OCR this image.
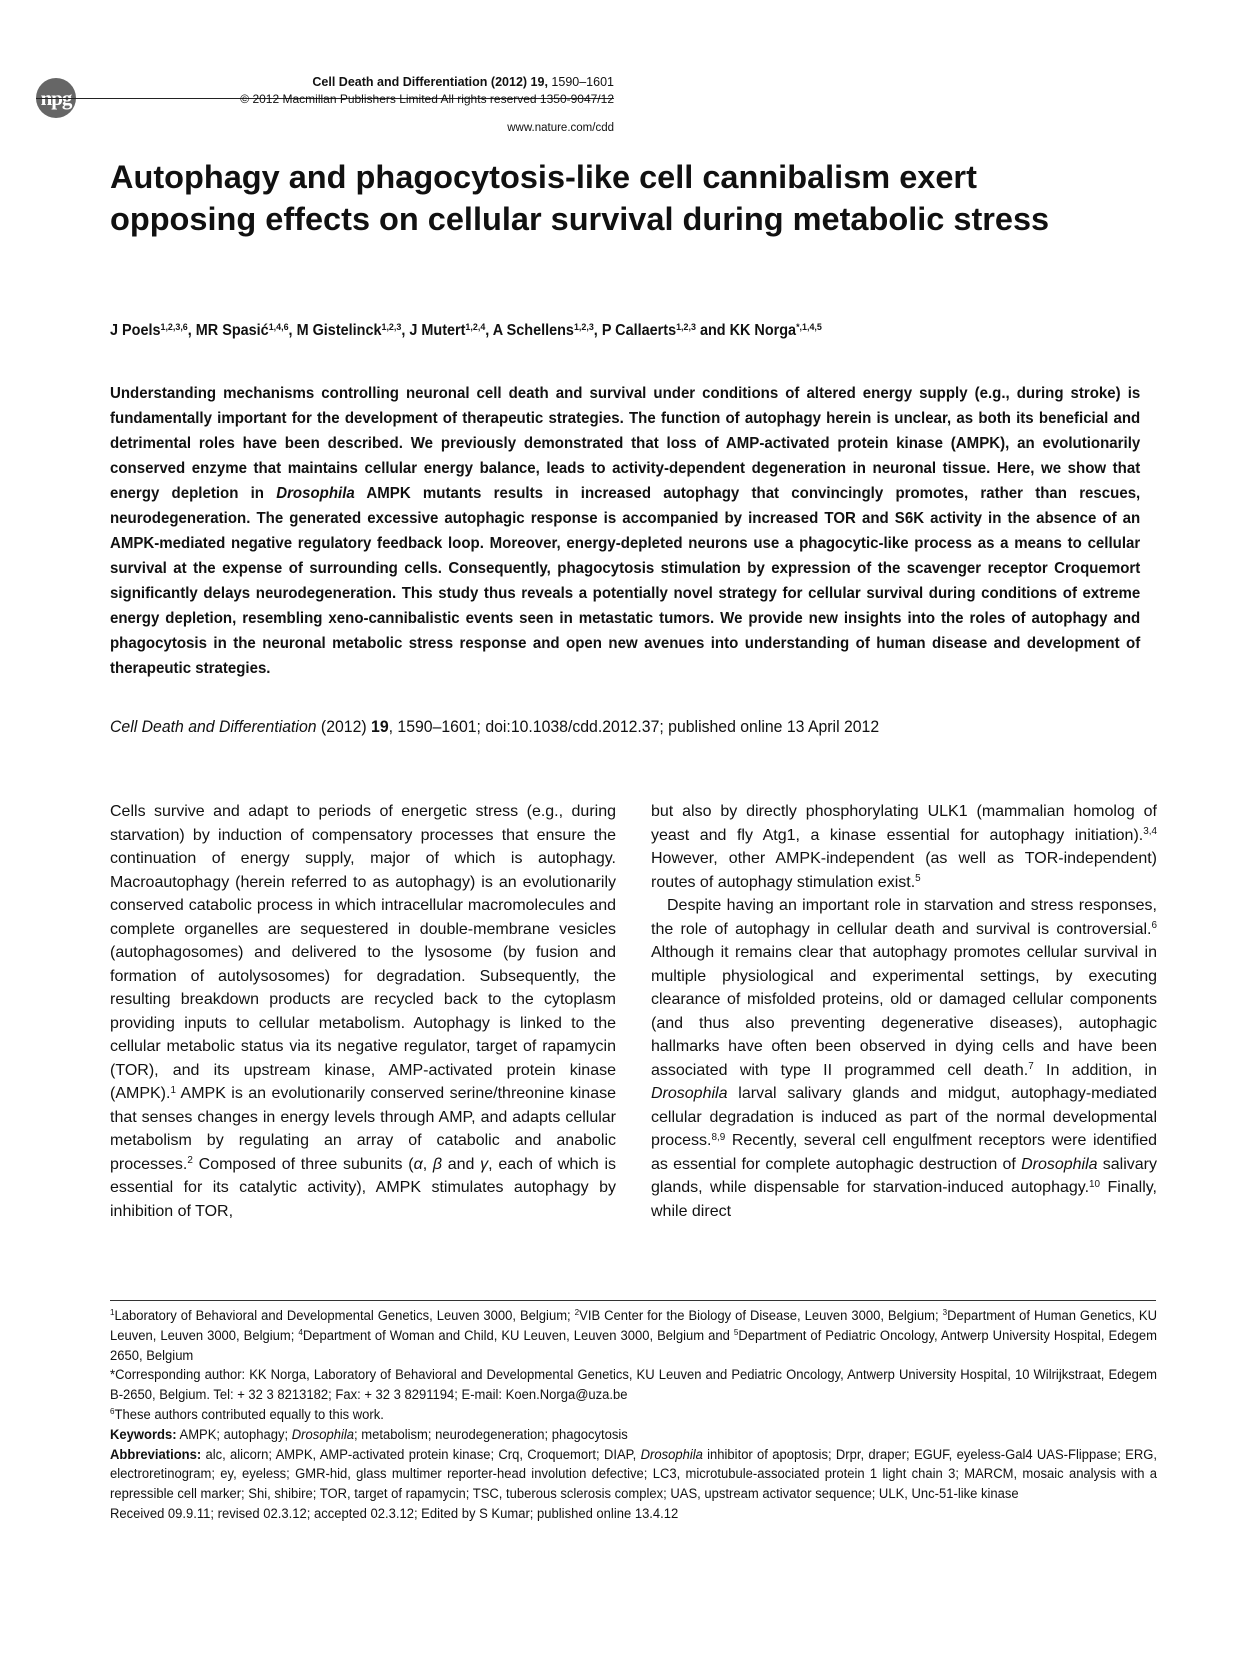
npg
Cell Death and Differentiation (2012) 19, 1590–1601
© 2012 Macmillan Publishers Limited All rights reserved 1350-9047/12
www.nature.com/cdd
Autophagy and phagocytosis-like cell cannibalism exert opposing effects on cellular survival during metabolic stress
J Poels$^{1,2,3,6}$, MR Spasić$^{1,4,6}$, M Gistelinck$^{1,2,3}$, J Mutert$^{1,2,4}$, A Schellens$^{1,2,3}$, P Callaerts$^{1,2,3}$ and KK Norga$^{*,1,4,5}$

Understanding mechanisms controlling neuronal cell death and survival under conditions of altered energy supply (e.g., during stroke) is fundamentally important for the development of therapeutic strategies. The function of autophagy herein is unclear, as both its beneficial and detrimental roles have been described. We previously demonstrated that loss of AMP-activated protein kinase (AMPK), an evolutionarily conserved enzyme that maintains cellular energy balance, leads to activity-dependent degeneration in neuronal tissue. Here, we show that energy depletion in Drosophila AMPK mutants results in increased autophagy that convincingly promotes, rather than rescues, neurodegeneration. The generated excessive autophagic response is accompanied by increased TOR and S6K activity in the absence of an AMPK-mediated negative regulatory feedback loop. Moreover, energy-depleted neurons use a phagocytic-like process as a means to cellular survival at the expense of surrounding cells. Consequently, phagocytosis stimulation by expression of the scavenger receptor Croquemort significantly delays neurodegeneration. This study thus reveals a potentially novel strategy for cellular survival during conditions of extreme energy depletion, resembling xeno-cannibalistic events seen in metastatic tumors. We provide new insights into the roles of autophagy and phagocytosis in the neuronal metabolic stress response and open new avenues into understanding of human disease and development of therapeutic strategies.

Cell Death and Differentiation (2012) 19, 1590–1601; doi:10.1038/cdd.2012.37; published online 13 April 2012

Cells survive and adapt to periods of energetic stress (e.g., during starvation) by induction of compensatory processes that ensure the continuation of energy supply, major of which is autophagy. Macroautophagy (herein referred to as autophagy) is an evolutionarily conserved catabolic process in which intracellular macromolecules and complete organelles are sequestered in double-membrane vesicles (autophagosomes) and delivered to the lysosome (by fusion and formation of autolysosomes) for degradation. Subsequently, the resulting breakdown products are recycled back to the cytoplasm providing inputs to cellular metabolism. Autophagy is linked to the cellular metabolic status via its negative regulator, target of rapamycin (TOR), and its upstream kinase, AMP-activated protein kinase (AMPK).$^1$ AMPK is an evolutionarily conserved serine/threonine kinase that senses changes in energy levels through AMP, and adapts cellular metabolism by regulating an array of catabolic and anabolic processes.$^2$ Composed of three subunits (α, β and γ, each of which is essential for its catalytic activity), AMPK stimulates autophagy by inhibition of TOR,

but also by directly phosphorylating ULK1 (mammalian homolog of yeast and fly Atg1, a kinase essential for autophagy initiation).$^{3,4}$ However, other AMPK-independent (as well as TOR-independent) routes of autophagy stimulation exist.$^5$

Despite having an important role in starvation and stress responses, the role of autophagy in cellular death and survival is controversial.$^6$ Although it remains clear that autophagy promotes cellular survival in multiple physiological and experimental settings, by executing clearance of misfolded proteins, old or damaged cellular components (and thus also preventing degenerative diseases), autophagic hallmarks have often been observed in dying cells and have been associated with type II programmed cell death.$^7$ In addition, in Drosophila larval salivary glands and midgut, autophagy-mediated cellular degradation is induced as part of the normal developmental process.$^{8,9}$ Recently, several cell engulfment receptors were identified as essential for complete autophagic destruction of Drosophila salivary glands, while dispensable for starvation-induced autophagy.$^{10}$ Finally, while direct

$^1$Laboratory of Behavioral and Developmental Genetics, Leuven 3000, Belgium; $^2$VIB Center for the Biology of Disease, Leuven 3000, Belgium; $^3$Department of Human Genetics, KU Leuven, Leuven 3000, Belgium; $^4$Department of Woman and Child, KU Leuven, Leuven 3000, Belgium and $^5$Department of Pediatric Oncology, Antwerp University Hospital, Edegem 2650, Belgium

*Corresponding author: KK Norga, Laboratory of Behavioral and Developmental Genetics, KU Leuven and Pediatric Oncology, Antwerp University Hospital, 10 Wilrijkstraat, Edegem B-2650, Belgium. Tel: + 32 3 8213182; Fax: + 32 3 8291194; E-mail: Koen.Norga@uza.be

$^6$These authors contributed equally to this work.

Keywords: AMPK; autophagy; Drosophila; metabolism; neurodegeneration; phagocytosis

Abbreviations: alc, alicorn; AMPK, AMP-activated protein kinase; Crq, Croquemort; DIAP, Drosophila inhibitor of apoptosis; Drpr, draper; EGUF, eyeless-Gal4 UAS-Flippase; ERG, electroretinogram; ey, eyeless; GMR-hid, glass multimer reporter-head involution defective; LC3, microtubule-associated protein 1 light chain 3; MARCM, mosaic analysis with a repressible cell marker; Shi, shibire; TOR, target of rapamycin; TSC, tuberous sclerosis complex; UAS, upstream activator sequence; ULK, Unc-51-like kinase

Received 09.9.11; revised 02.3.12; accepted 02.3.12; Edited by S Kumar; published online 13.4.12
